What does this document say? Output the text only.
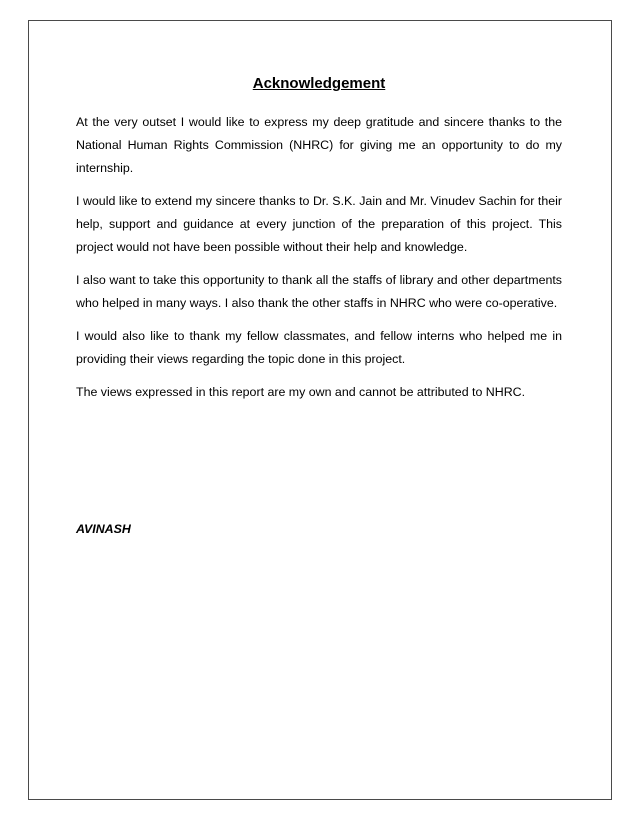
Acknowledgement

At the very outset I would like to express my deep gratitude and sincere thanks to the National Human Rights Commission (NHRC) for giving me an opportunity to do my internship.

I would like to extend my sincere thanks to Dr. S.K. Jain and Mr. Vinudev Sachin for their help, support and guidance at every junction of the preparation of this project. This project would not have been possible without their help and knowledge.

I also want to take this opportunity to thank all the staffs of library and other departments who helped in many ways. I also thank the other staffs in NHRC who were co-operative.

I would also like to thank my fellow classmates, and fellow interns who helped me in providing their views regarding the topic done in this project.

The views expressed in this report are my own and cannot be attributed to NHRC.

AVINASH
